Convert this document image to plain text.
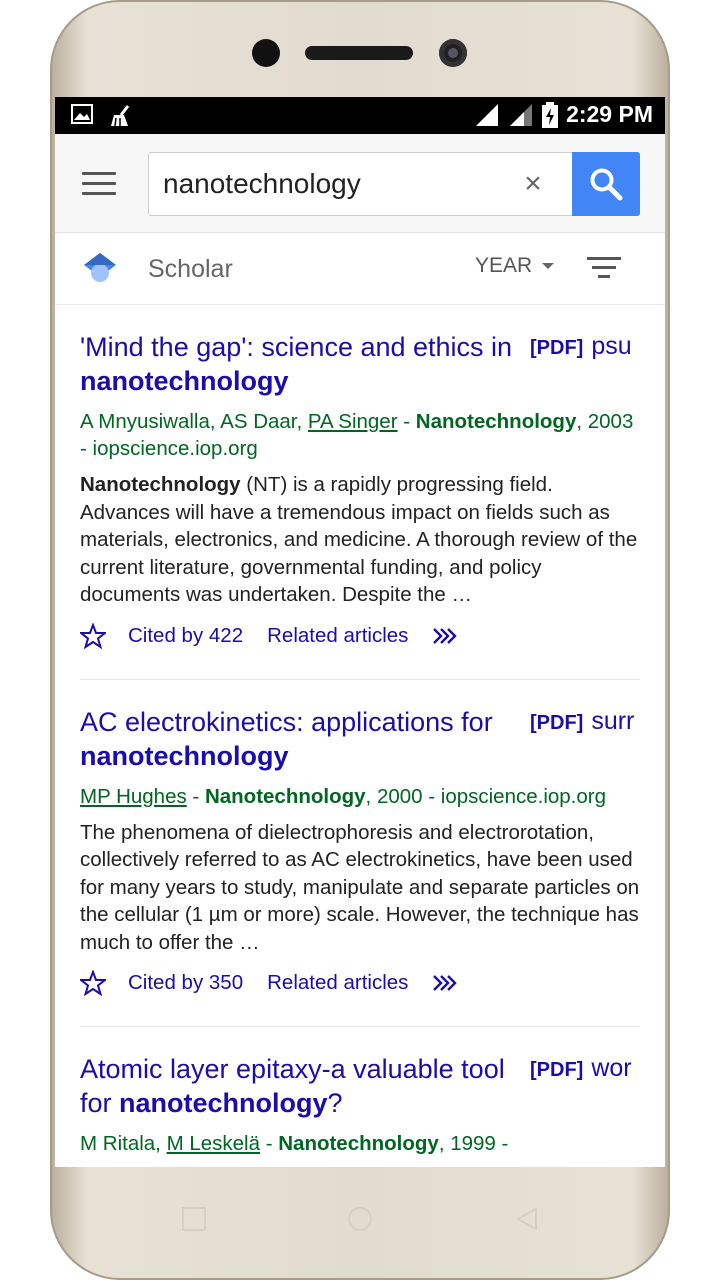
2:29 PM
nanotechnology
×
Scholar	YEAR
'Mind the gap': science and ethics in nanotechnology
[PDF] psu
A Mnyusiwalla, AS Daar, PA Singer - Nanotechnology, 2003 - iopscience.iop.org
Nanotechnology (NT) is a rapidly progressing field. Advances will have a tremendous impact on fields such as materials, electronics, and medicine. A thorough review of the current literature, governmental funding, and policy documents was undertaken. Despite the …
Cited by 422 Related articles
AC electrokinetics: applications for nanotechnology
[PDF] surr
MP Hughes - Nanotechnology, 2000 - iopscience.iop.org
The phenomena of dielectrophoresis and electrorotation, collectively referred to as AC electrokinetics, have been used for many years to study, manipulate and separate particles on the cellular (1 µm or more) scale. However, the technique has much to offer the …
Cited by 350 Related articles
Atomic layer epitaxy-a valuable tool for nanotechnology?
[PDF] wor
M Ritala, M Leskelä - Nanotechnology, 1999 -
